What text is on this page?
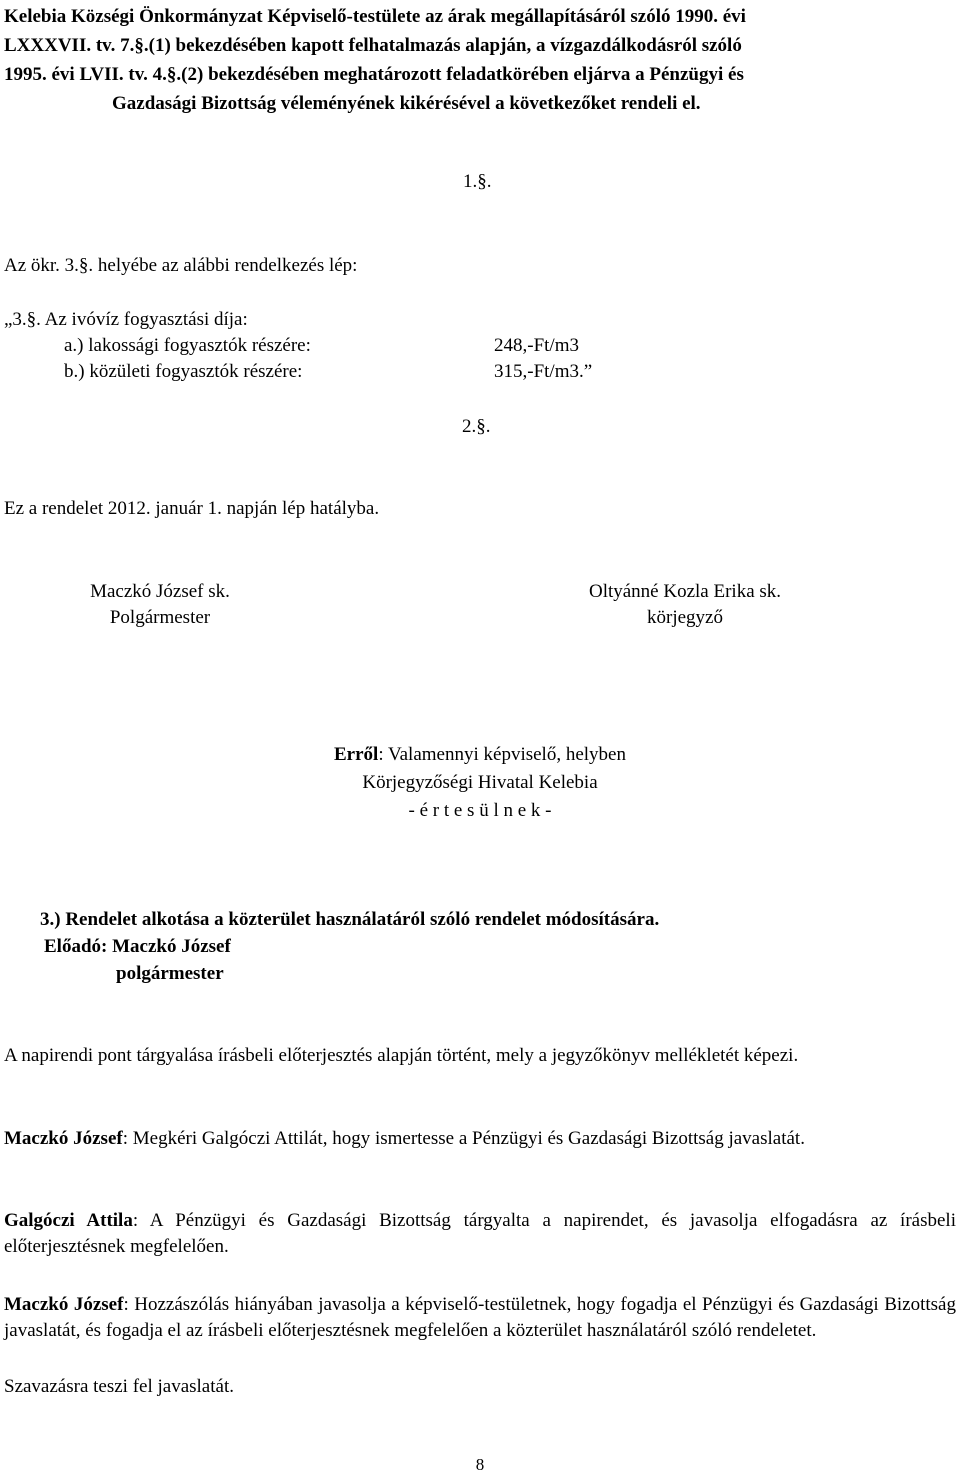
Kelebia Községi Önkormányzat Képviselő-testülete az árak megállapításáról szóló 1990. évi
LXXXVII. tv. 7.§.(1) bekezdésében kapott felhatalmazás alapján, a vízgazdálkodásról szóló
1995. évi LVII. tv. 4.§.(2) bekezdésében meghatározott feladatkörében eljárva a Pénzügyi és
Gazdasági Bizottság véleményének kikérésével a következőket rendeli el.
1.§.
Az ökr. 3.§. helyébe az alábbi rendelkezés lép:
„3.§. Az ivóvíz fogyasztási díja:
a.) lakossági fogyasztók részére:	248,-Ft/m3
b.) közületi fogyasztók részére:	315,-Ft/m3.”
2.§.
Ez a rendelet 2012. január 1. napján lép hatályba.
Maczkó József sk.
Polgármester
Oltyánné Kozla Erika sk.
körjegyző
Erről: Valamennyi képviselő, helyben
Körjegyzőségi Hivatal Kelebia
- é r t e s ü l n e k -
3.) Rendelet alkotása a közterület használatáról szóló rendelet módosítására.
Előadó: Maczkó József
polgármester
A napirendi pont tárgyalása írásbeli előterjesztés alapján történt, mely a jegyzőkönyv mellékletét képezi.
Maczkó József: Megkéri Galgóczi Attilát, hogy ismertesse a Pénzügyi és Gazdasági Bizottság javaslatát.
Galgóczi Attila: A Pénzügyi és Gazdasági Bizottság tárgyalta a napirendet, és javasolja elfogadásra az írásbeli előterjesztésnek megfelelően.
Maczkó József: Hozzászólás hiányában javasolja a képviselő-testületnek, hogy fogadja el Pénzügyi és Gazdasági Bizottság javaslatát, és fogadja el az írásbeli előterjesztésnek megfelelően a közterület használatáról szóló rendeletet.
Szavazásra teszi fel javaslatát.
8
